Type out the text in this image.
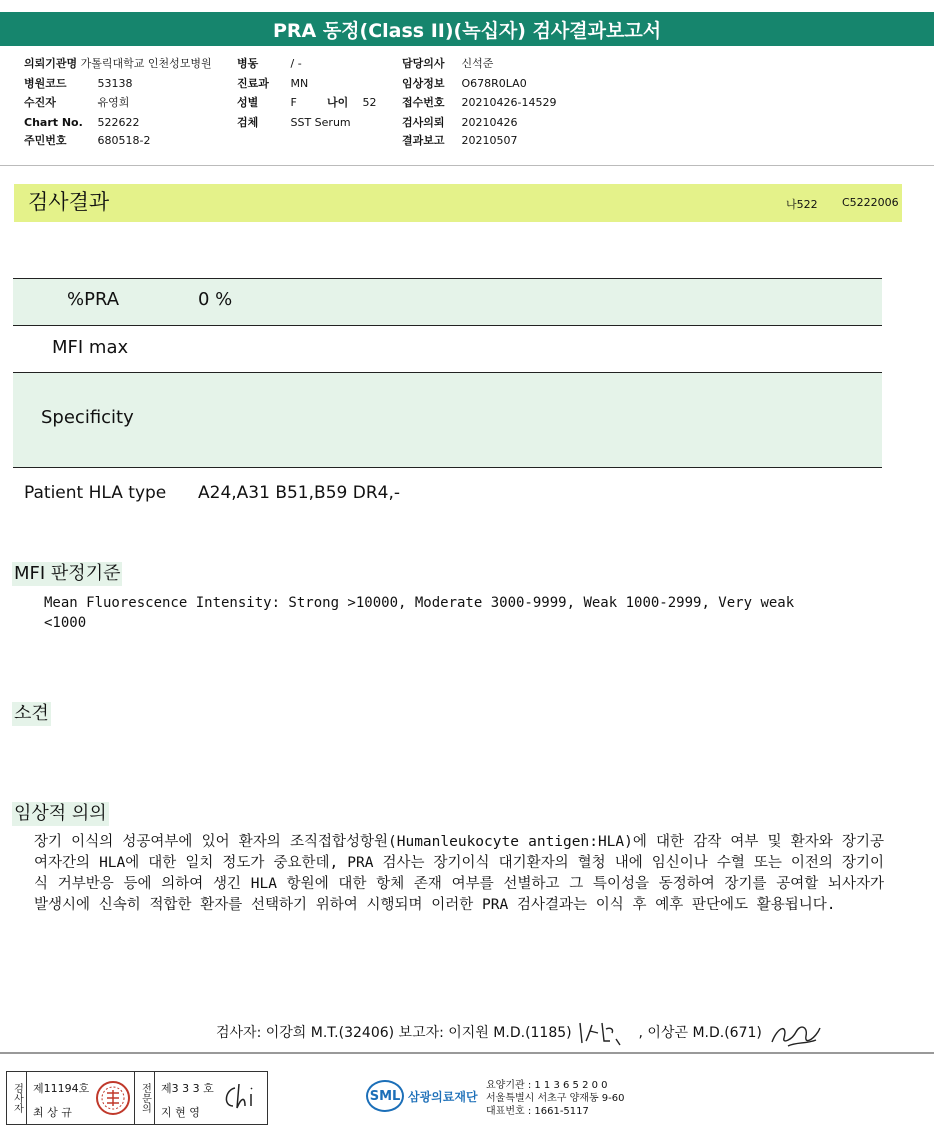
PRA 동정(Class II)(녹십자) 검사결과보고서
의뢰기관명 가톨릭대학교 인천성모병원
병원코드	53138
수진자	유영희
Chart No. 522622
주민번호	680518-2
병동	/ -
진료과 MN
성별	F	나이 52
검체	SST Serum
담당의사 신석준
임상정보 O678R0LA0
접수번호 20210426-14529
검사의뢰 20210426
결과보고 20210507
검사결과	나522 C5222006
%PRA	0 %
MFI max
Specificity
Patient HLA type A24,A31 B51,B59 DR4,-
MFI 판정기준
Mean Fluorescence Intensity: Strong >10000, Moderate 3000-9999, Weak 1000-2999, Very weak
<1000
소견
임상적 의의
장기 이식의 성공여부에 있어 환자의 조직접합성항원(Humanleukocyte antigen:HLA)에 대한 감작 여부 및 환자와 장기공여자간의 HLA에 대한 일치 정도가 중요한데, PRA 검사는 장기이식 대기환자의 혈청 내에 임신이나 수혈 또는 이전의 장기이식 거부반응 등에 의하여 생긴 HLA 항원에 대한 항체 존재 여부를 선별하고 그 특이성을 동정하여 장기를 공여할 뇌사자가 발생시에 신속히 적합한 환자를 선택하기 위하여 시행되며 이러한 PRA 검사결과는 이식 후 예후 판단에도 활용됩니다.
검사자: 이강희 M.T.(32406) 보고자: 이지원 M.D.(1185)	, 이상곤 M.D.(671)
검사자 제11194호
최 상 규	전문의 제3 3 3 호
지 현 영
SML 삼광의료재단
요양기관 : 1 1 3 6 5 2 0 0
서울특별시 서초구 양재동 9-60
대표번호 : 1661-5117
